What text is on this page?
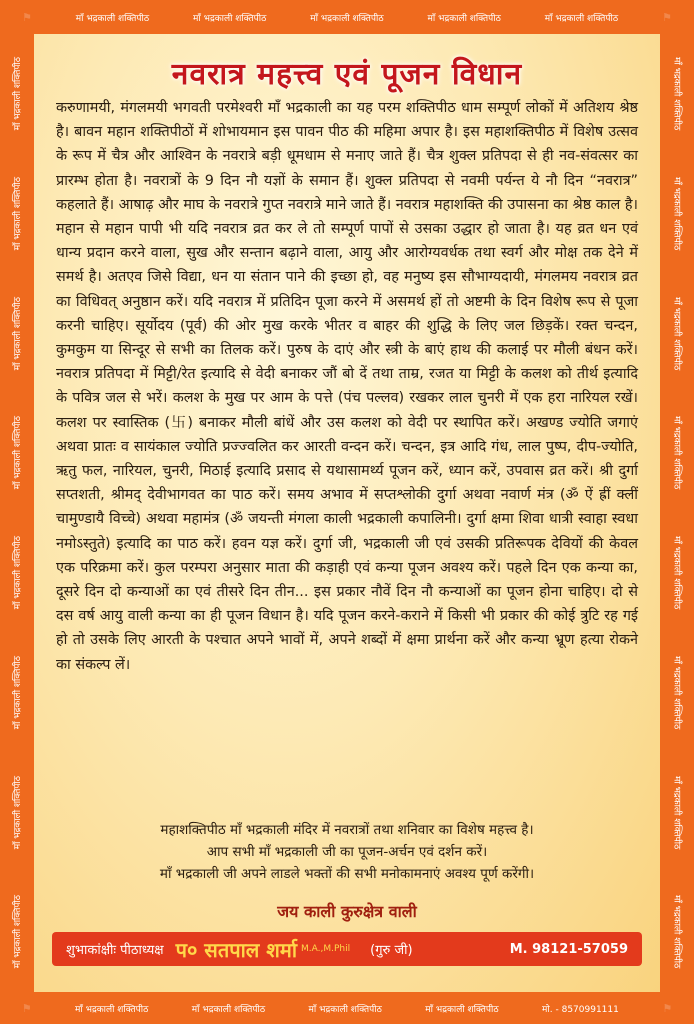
⚑	माँ भद्रकाली शक्तिपीठ	माँ भद्रकाली शक्तिपीठ	माँ भद्रकाली शक्तिपीठ	माँ भद्रकाली शक्तिपीठ	माँ भद्रकाली शक्तिपीठ	⚑
माँ भद्रकाली शक्तिपीठ
माँ भद्रकाली शक्तिपीठ
माँ भद्रकाली शक्तिपीठ
माँ भद्रकाली शक्तिपीठ
माँ भद्रकाली शक्तिपीठ
माँ भद्रकाली शक्तिपीठ
माँ भद्रकाली शक्तिपीठ
माँ भद्रकाली शक्तिपीठ
माँ भद्रकाली शक्तिपीठ
माँ भद्रकाली शक्तिपीठ
माँ भद्रकाली शक्तिपीठ
माँ भद्रकाली शक्तिपीठ
माँ भद्रकाली शक्तिपीठ
माँ भद्रकाली शक्तिपीठ
माँ भद्रकाली शक्तिपीठ
माँ भद्रकाली शक्तिपीठ
नवरात्र महत्त्व एवं पूजन विधान
करुणामयी, मंगलमयी भगवती परमेश्वरी माँ भद्रकाली का यह परम शक्तिपीठ धाम सम्पूर्ण लोकों में अतिशय श्रेष्ठ है। बावन महान शक्तिपीठों में शोभायमान इस पावन पीठ की महिमा अपार है। इस महाशक्तिपीठ में विशेष उत्सव के रूप में चैत्र और आश्विन के नवरात्रे बड़ी धूमधाम से मनाए जाते हैं। चैत्र शुक्ल प्रतिपदा से ही नव-संवत्सर का प्रारम्भ होता है। नवरात्रों के 9 दिन नौ यज्ञों के समान हैं। शुक्ल प्रतिपदा से नवमी पर्यन्त ये नौ दिन “नवरात्र” कहलाते हैं। आषाढ़ और माघ के नवरात्रे गुप्त नवरात्रे माने जाते हैं। नवरात्र महाशक्ति की उपासना का श्रेष्ठ काल है। महान से महान पापी भी यदि नवरात्र व्रत कर ले तो सम्पूर्ण पापों से उसका उद्धार हो जाता है। यह व्रत धन एवं धान्य प्रदान करने वाला, सुख और सन्तान बढ़ाने वाला, आयु और आरोग्यवर्धक तथा स्वर्ग और मोक्ष तक देने में समर्थ है। अतएव जिसे विद्या, धन या संतान पाने की इच्छा हो, वह मनुष्य इस सौभाग्यदायी, मंगलमय नवरात्र व्रत का विधिवत् अनुष्ठान करें। यदि नवरात्र में प्रतिदिन पूजा करने में असमर्थ हों तो अष्टमी के दिन विशेष रूप से पूजा करनी चाहिए। सूर्योदय (पूर्व) की ओर मुख करके भीतर व बाहर की शुद्धि के लिए जल छिड़कें। रक्त चन्दन, कुमकुम या सिन्दूर से सभी का तिलक करें। पुरुष के दाएं और स्त्री के बाएं हाथ की कलाई पर मौली बंधन करें। नवरात्र प्रतिपदा में मिट्टी/रेत इत्यादि से वेदी बनाकर जौं बो दें तथा ताम्र, रजत या मिट्टी के कलश को तीर्थ इत्यादि के पवित्र जल से भरें। कलश के मुख पर आम के पत्ते (पंच पल्लव) रखकर लाल चुनरी में एक हरा नारियल रखें। कलश पर स्वास्तिक (卐) बनाकर मौली बांधें और उस कलश को वेदी पर स्थापित करें। अखण्ड ज्योति जगाएं अथवा प्रातः व सायंकाल ज्योति प्रज्ज्वलित कर आरती वन्दन करें। चन्दन, इत्र आदि गंध, लाल पुष्प, दीप-ज्योति, ऋतु फल, नारियल, चुनरी, मिठाई इत्यादि प्रसाद से यथासामर्थ्य पूजन करें, ध्यान करें, उपवास व्रत करें। श्री दुर्गा सप्तशती, श्रीमद् देवीभागवत का पाठ करें। समय अभाव में सप्तश्लोकी दुर्गा अथवा नवार्ण मंत्र (ॐ ऐं ह्रीं क्लीं चामुण्डायै विच्चे) अथवा महामंत्र (ॐ जयन्ती मंगला काली भद्रकाली कपालिनी। दुर्गा क्षमा शिवा धात्री स्वाहा स्वधा नमोऽस्तुते) इत्यादि का पाठ करें। हवन यज्ञ करें। दुर्गा जी, भद्रकाली जी एवं उसकी प्रतिरूपक देवियों की केवल एक परिक्रमा करें। कुल परम्परा अनुसार माता की कड़ाही एवं कन्या पूजन अवश्य करें। पहले दिन एक कन्या का, दूसरे दिन दो कन्याओं का एवं तीसरे दिन तीन... इस प्रकार नौवें दिन नौ कन्याओं का पूजन होना चाहिए। दो से दस वर्ष आयु वाली कन्या का ही पूजन विधान है। यदि पूजन करने-कराने में किसी भी प्रकार की कोई त्रुटि रह गई हो तो उसके लिए आरती के पश्चात अपने भावों में, अपने शब्दों में क्षमा प्रार्थना करें और कन्या भ्रूण हत्या रोकने का संकल्प लें।
महाशक्तिपीठ माँ भद्रकाली मंदिर में नवरात्रों तथा शनिवार का विशेष महत्त्व है।
आप सभी माँ भद्रकाली जी का पूजन-अर्चन एवं दर्शन करें।
माँ भद्रकाली जी अपने लाडले भक्तों की सभी मनोकामनाएं अवश्य पूर्ण करेंगी।
जय काली कुरुक्षेत्र वाली
शुभाकांक्षीः पीठाध्यक्ष प० सतपाल शर्मा M.A.,M.Phil (गुरु जी)	M. 98121-57059
⚑	माँ भद्रकाली शक्तिपीठ	माँ भद्रकाली शक्तिपीठ	माँ भद्रकाली शक्तिपीठ	माँ भद्रकाली शक्तिपीठ	मो. - 8570991111	⚑
